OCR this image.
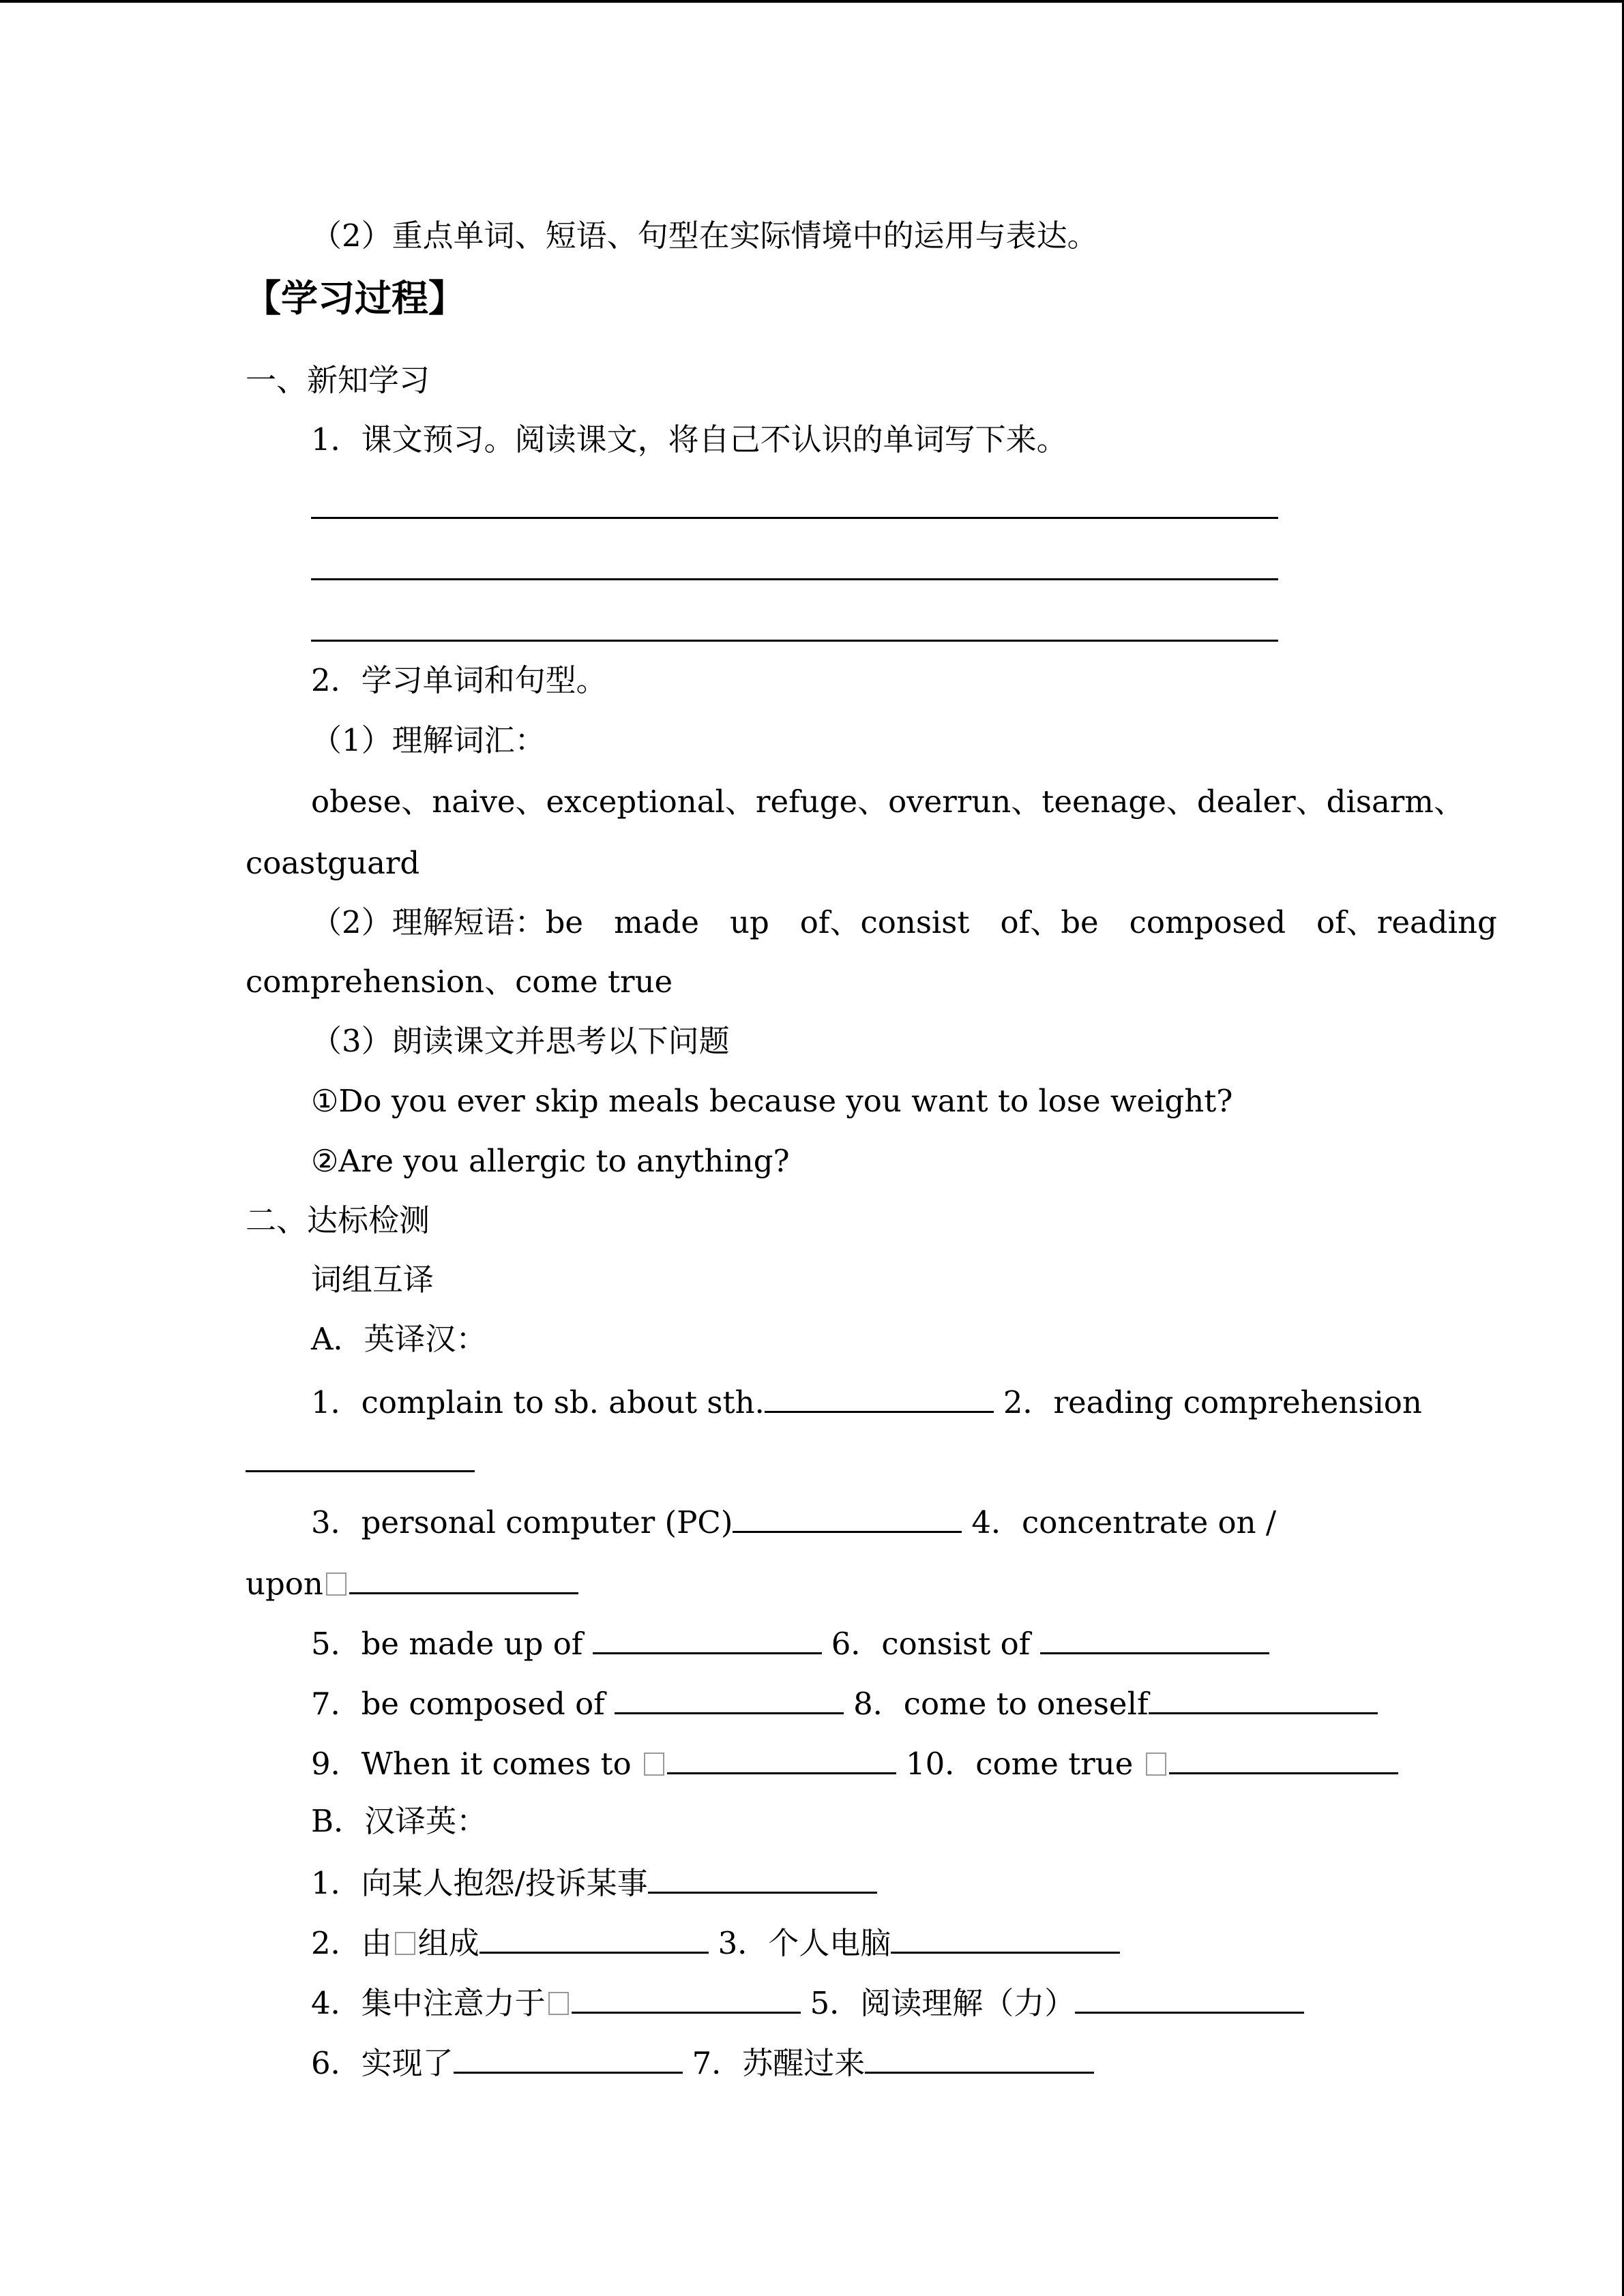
（2）重点单词、短语、句型在实际情境中的运用与表达。
【学习过程】
一、新知学习
1．课文预习。阅读课文，将自己不认识的单词写下来。
2．学习单词和句型。
（1）理解词汇：
obese、naive、exceptional、refuge、overrun、teenage、dealer、disarm、
coastguard
（2）理解短语：be　made　up　of、consist　of、be　composed　of、reading
comprehension、come true
（3）朗读课文并思考以下问题
①Do you ever skip meals because you want to lose weight?
②Are you allergic to anything?
二、达标检测
词组互译
A．英译汉：
1．complain to sb. about sth.	2．reading comprehension
3．personal computer (PC)	4．concentrate on /
upon
5．be made up of	6．consist of
7．be composed of	8．come to oneself
9．When it comes to	10．come true
B．汉译英：
1．向某人抱怨/投诉某事
2．由 组成	3．个人电脑
4．集中注意力于	5．阅读理解（力）
6．实现了	7．苏醒过来
